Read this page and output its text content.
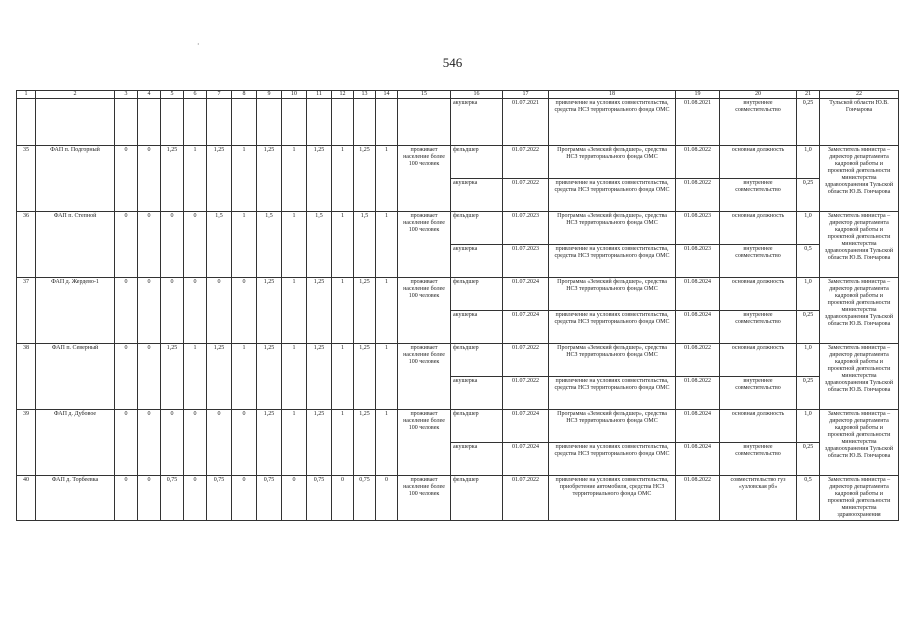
546
·
1	2	3	4	5	6	7	8	9	10	11	12	13	14	15	16	17	18	19	20	21	22
															акушерка	01.07.2021	привлечение на условиях совместительства, средства НСЗ территориального фонда ОМС	01.08.2021	внутреннее совместительство	0,25	Тульской области Ю.В. Гончарова
35	ФАП п. Подгорный	0	0	1,25	1	1,25	1	1,25	1	1,25	1	1,25	1	проживает население более 100 человек	фельдшер	01.07.2022	Программа «Земский фельдшер», средства НСЗ территориального фонда ОМС	01.08.2022	основная должность	1,0	Заместитель министра – директор департамента кадровой работы и проектной деятельности министерства здравоохранения Тульской области Ю.В. Гончарова
															акушерка	01.07.2022	привлечение на условиях совместительства, средства НСЗ территориального фонда ОМС	01.08.2022	внутреннее совместительство	0,25	
36	ФАП п. Степной	0	0	0	0	1,5	1	1,5	1	1,5	1	1,5	1	проживает население более 100 человек	фельдшер	01.07.2023	Программа «Земский фельдшер», средства НСЗ территориального фонда ОМС	01.08.2023	основная должность	1,0	Заместитель министра – директор департамента кадровой работы и проектной деятельности министерства здравоохранения Тульской области Ю.В. Гончарова
															акушерка	01.07.2023	привлечение на условиях совместительства, средства НСЗ территориального фонда ОМС	01.08.2023	внутреннее совместительство	0,5	
37	ФАП д. Жердево-1	0	0	0	0	0	0	1,25	1	1,25	1	1,25	1	проживает население более 100 человек	фельдшер	01.07.2024	Программа «Земский фельдшер», средства НСЗ территориального фонда ОМС	01.08.2024	основная должность	1,0	Заместитель министра – директор департамента кадровой работы и проектной деятельности министерства здравоохранения Тульской области Ю.В. Гончарова
															акушерка	01.07.2024	привлечение на условиях совместительства, средства НСЗ территориального фонда ОМС	01.08.2024	внутреннее совместительство	0,25	
38	ФАП п. Северный	0	0	1,25	1	1,25	1	1,25	1	1,25	1	1,25	1	проживает население более 100 человек	фельдшер	01.07.2022	Программа «Земский фельдшер», средства НСЗ территориального фонда ОМС	01.08.2022	основная должность	1,0	Заместитель министра – директор департамента кадровой работы и проектной деятельности министерства здравоохранения Тульской области Ю.В. Гончарова
															акушерка	01.07.2022	привлечение на условиях совместительства, средства НСЗ территориального фонда ОМС	01.08.2022	внутреннее совместительство	0,25	
39	ФАП д. Дубовое	0	0	0	0	0	0	1,25	1	1,25	1	1,25	1	проживает население более 100 человек	фельдшер	01.07.2024	Программа «Земский фельдшер», средства НСЗ территориального фонда ОМС	01.08.2024	основная должность	1,0	Заместитель министра – директор департамента кадровой работы и проектной деятельности министерства здравоохранения Тульской области Ю.В. Гончарова
															акушерка	01.07.2024	привлечение на условиях совместительства, средства НСЗ территориального фонда ОМС	01.08.2024	внутреннее совместительство	0,25	
40	ФАП д. Торбеевка	0	0	0,75	0	0,75	0	0,75	0	0,75	0	0,75	0	проживает население более 100 человек	фельдшер	01.07.2022	привлечение на условиях совместительства, приобретение автомобиля, средства НСЗ территориального фонда ОМС	01.08.2022	совместительство гуз «узловская рб»	0,5	Заместитель министра – директор департамента кадровой работы и проектной деятельности министерства здравоохранения
